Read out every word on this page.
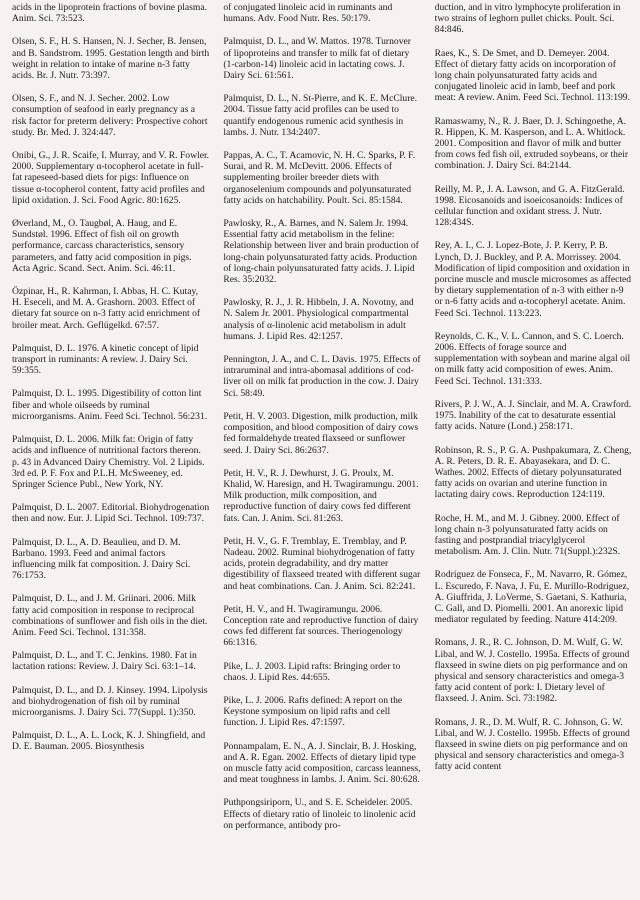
acids in the lipoprotein fractions of bovine plasma. Anim. Sci. 73:523.
Olsen, S. F., H. S. Hansen, N. J. Secher, B. Jensen, and B. Sandstrom. 1995. Gestation length and birth weight in relation to intake of marine n-3 fatty acids. Br. J. Nutr. 73:397.
Olsen, S. F., and N. J. Secher. 2002. Low consumption of seafood in early pregnancy as a risk factor for preterm delivery: Prospective cohort study. Br. Med. J. 324:447.
Onibi, G., J. R. Scaife, I. Murray, and V. R. Fowler. 2000. Supplementary α-tocopherol acetate in full-fat rapeseed-based diets for pigs: Influence on tissue α-tocopherol content, fatty acid profiles and lipid oxidation. J. Sci. Food Agric. 80:1625.
Øverland, M., O. Taugbøl, A. Haug, and E. Sundstøl. 1996. Effect of fish oil on growth performance, carcass characteristics, sensory parameters, and fatty acid composition in pigs. Acta Agric. Scand. Sect. Anim. Sci. 46:11.
Özpinar, H., R. Kahrman, I. Abbas, H. C. Kutay, H. Eseceli, and M. A. Grashorn. 2003. Effect of dietary fat source on n-3 fatty acid enrichment of broiler meat. Arch. Geflügelkd. 67:57.
Palmquist, D. L. 1976. A kinetic concept of lipid transport in ruminants: A review. J. Dairy Sci. 59:355.
Palmquist, D. L. 1995. Digestibility of cotton lint fiber and whole oilseeds by ruminal microorganisms. Anim. Feed Sci. Technol. 56:231.
Palmquist, D. L. 2006. Milk fat: Origin of fatty acids and influence of nutritional factors thereon. p. 43 in Advanced Dairy Chemistry. Vol. 2 Lipids. 3rd ed. P. F. Fox and P.L.H. McSweeney, ed. Springer Science Publ., New York, NY.
Palmquist, D. L. 2007. Editorial. Biohydrogenation then and now. Eur. J. Lipid Sci. Technol. 109:737.
Palmquist, D. L., A. D. Beaulieu, and D. M. Barbano. 1993. Feed and animal factors influencing milk fat composition. J. Dairy Sci. 76:1753.
Palmquist, D. L., and J. M. Griinari. 2006. Milk fatty acid composition in response to reciprocal combinations of sunflower and fish oils in the diet. Anim. Feed Sci. Technol. 131:358.
Palmquist, D. L., and T. C. Jenkins. 1980. Fat in lactation rations: Review. J. Dairy Sci. 63:1–14.
Palmquist, D. L., and D. J. Kinsey. 1994. Lipolysis and biohydrogenation of fish oil by ruminal microorganisms. J. Dairy Sci. 77(Suppl. 1):350.
Palmquist, D. L., A. L. Lock, K. J. Shingfield, and D. E. Bauman. 2005. Biosynthesis
of conjugated linoleic acid in ruminants and humans. Adv. Food Nutr. Res. 50:179.
Palmquist, D. L., and W. Mattos. 1978. Turnover of lipoproteins and transfer to milk fat of dietary (1-carbon-14) linoleic acid in lactating cows. J. Dairy Sci. 61:561.
Palmquist, D. L., N. St-Pierre, and K. E. McClure. 2004. Tissue fatty acid profiles can be used to quantify endogenous rumenic acid synthesis in lambs. J. Nutr. 134:2407.
Pappas, A. C., T. Acamovic, N. H. C. Sparks, P. F. Surai, and R. M. McDevitt. 2006. Effects of supplementing broiler breeder diets with organoselenium compounds and polyunsaturated fatty acids on hatchability. Poult. Sci. 85:1584.
Pawlosky, R., A. Barnes, and N. Salem Jr. 1994. Essential fatty acid metabolism in the feline: Relationship between liver and brain production of long-chain polyunsaturated fatty acids. Production of long-chain polyunsaturated fatty acids. J. Lipid Res. 35:2032.
Pawlosky, R. J., J. R. Hibbeln, J. A. Novotny, and N. Salem Jr. 2001. Physiological compartmental analysis of α-linolenic acid metabolism in adult humans. J. Lipid Res. 42:1257.
Pennington, J. A., and C. L. Davis. 1975. Effects of intraruminal and intra-abomasal additions of cod-liver oil on milk fat production in the cow. J. Dairy Sci. 58:49.
Petit, H. V. 2003. Digestion, milk production, milk composition, and blood composition of dairy cows fed formaldehyde treated flaxseed or sunflower seed. J. Dairy Sci. 86:2637.
Petit, H. V., R. J. Dewhurst, J. G. Proulx, M. Khalid, W. Haresign, and H. Twagiramungu. 2001. Milk production, milk composition, and reproductive function of dairy cows fed different fats. Can. J. Anim. Sci. 81:263.
Petit, H. V., G. F. Tremblay, E. Tremblay, and P. Nadeau. 2002. Ruminal biohydrogenation of fatty acids, protein degradability, and dry matter digestibility of flaxseed treated with different sugar and heat combinations. Can. J. Anim. Sci. 82:241.
Petit, H. V., and H. Twagiramungu. 2006. Conception rate and reproductive function of dairy cows fed different fat sources. Theriogenology 66:1316.
Pike, L. J. 2003. Lipid rafts: Bringing order to chaos. J. Lipid Res. 44:655.
Pike, L. J. 2006. Rafts defined: A report on the Keystone symposium on lipid rafts and cell function. J. Lipid Res. 47:1597.
Ponnampalam, E. N., A. J. Sinclair, B. J. Hosking, and A. R. Egan. 2002. Effects of dietary lipid type on muscle fatty acid composition, carcass leanness, and meat toughness in lambs. J. Anim. Sci. 80:628.
Puthpongsiriporn, U., and S. E. Scheideler. 2005. Effects of dietary ratio of linoleic to linolenic acid on performance, antibody pro-
duction, and in vitro lymphocyte proliferation in two strains of leghorn pullet chicks. Poult. Sci. 84:846.
Raes, K., S. De Smet, and D. Demeyer. 2004. Effect of dietary fatty acids on incorporation of long chain polyunsaturated fatty acids and conjugated linoleic acid in lamb, beef and pork meat: A review. Anim. Feed Sci. Technol. 113:199.
Ramaswamy, N., R. J. Baer, D. J. Schingoethe, A. R. Hippen, K. M. Kasperson, and L. A. Whitlock. 2001. Composition and flavor of milk and butter from cows fed fish oil, extruded soybeans, or their combination. J. Dairy Sci. 84:2144.
Reilly, M. P., J. A. Lawson, and G. A. FitzGerald. 1998. Eicosanoids and isoeicosanoids: Indices of cellular function and oxidant stress. J. Nutr. 128:434S.
Rey, A. I., C. J. Lopez-Bote, J. P. Kerry, P. B. Lynch, D. J. Buckley, and P. A. Morrissey. 2004. Modification of lipid composition and oxidation in porcine muscle and muscle microsomes as affected by dietary supplementation of n-3 with either n-9 or n-6 fatty acids and α-tocopheryl acetate. Anim. Feed Sci. Technol. 113:223.
Reynolds, C. K., V. L. Cannon, and S. C. Loerch. 2006. Effects of forage source and supplementation with soybean and marine algal oil on milk fatty acid composition of ewes. Anim. Feed Sci. Technol. 131:333.
Rivers, P. J. W., A. J. Sinclair, and M. A. Crawford. 1975. Inability of the cat to desaturate essential fatty acids. Nature (Lond.) 258:171.
Robinson, R. S., P. G. A. Pushpakumara, Z. Cheng, A. R. Peters, D. R. E. Abayasekara, and D. C. Wathes. 2002. Effects of dietary polyunsaturated fatty acids on ovarian and uterine function in lactating dairy cows. Reproduction 124:119.
Roche, H. M., and M. J. Gibney. 2000. Effect of long chain n-3 polyunsaturated fatty acids on fasting and postprandial triacylglycerol metabolism. Am. J. Clin. Nutr. 71(Suppl.):232S.
Rodríguez de Fonseca, F., M. Navarro, R. Gómez, L. Escuredo, F. Nava, J. Fu, E. Murillo-Rodríguez, A. Giuffrida, J. LoVerme, S. Gaetani, S. Kathuria, C. Gall, and D. Piomelli. 2001. An anorexic lipid mediator regulated by feeding. Nature 414:209.
Romans, J. R., R. C. Johnson, D. M. Wulf, G. W. Libal, and W. J. Costello. 1995a. Effects of ground flaxseed in swine diets on pig performance and on physical and sensory characteristics and omega-3 fatty acid content of pork: I. Dietary level of flaxseed. J. Anim. Sci. 73:1982.
Romans, J. R., D. M. Wulf, R. C. Johnson, G. W. Libal, and W. J. Costello. 1995b. Effects of ground flaxseed in swine diets on pig performance and on physical and sensory characteristics and omega-3 fatty acid content
